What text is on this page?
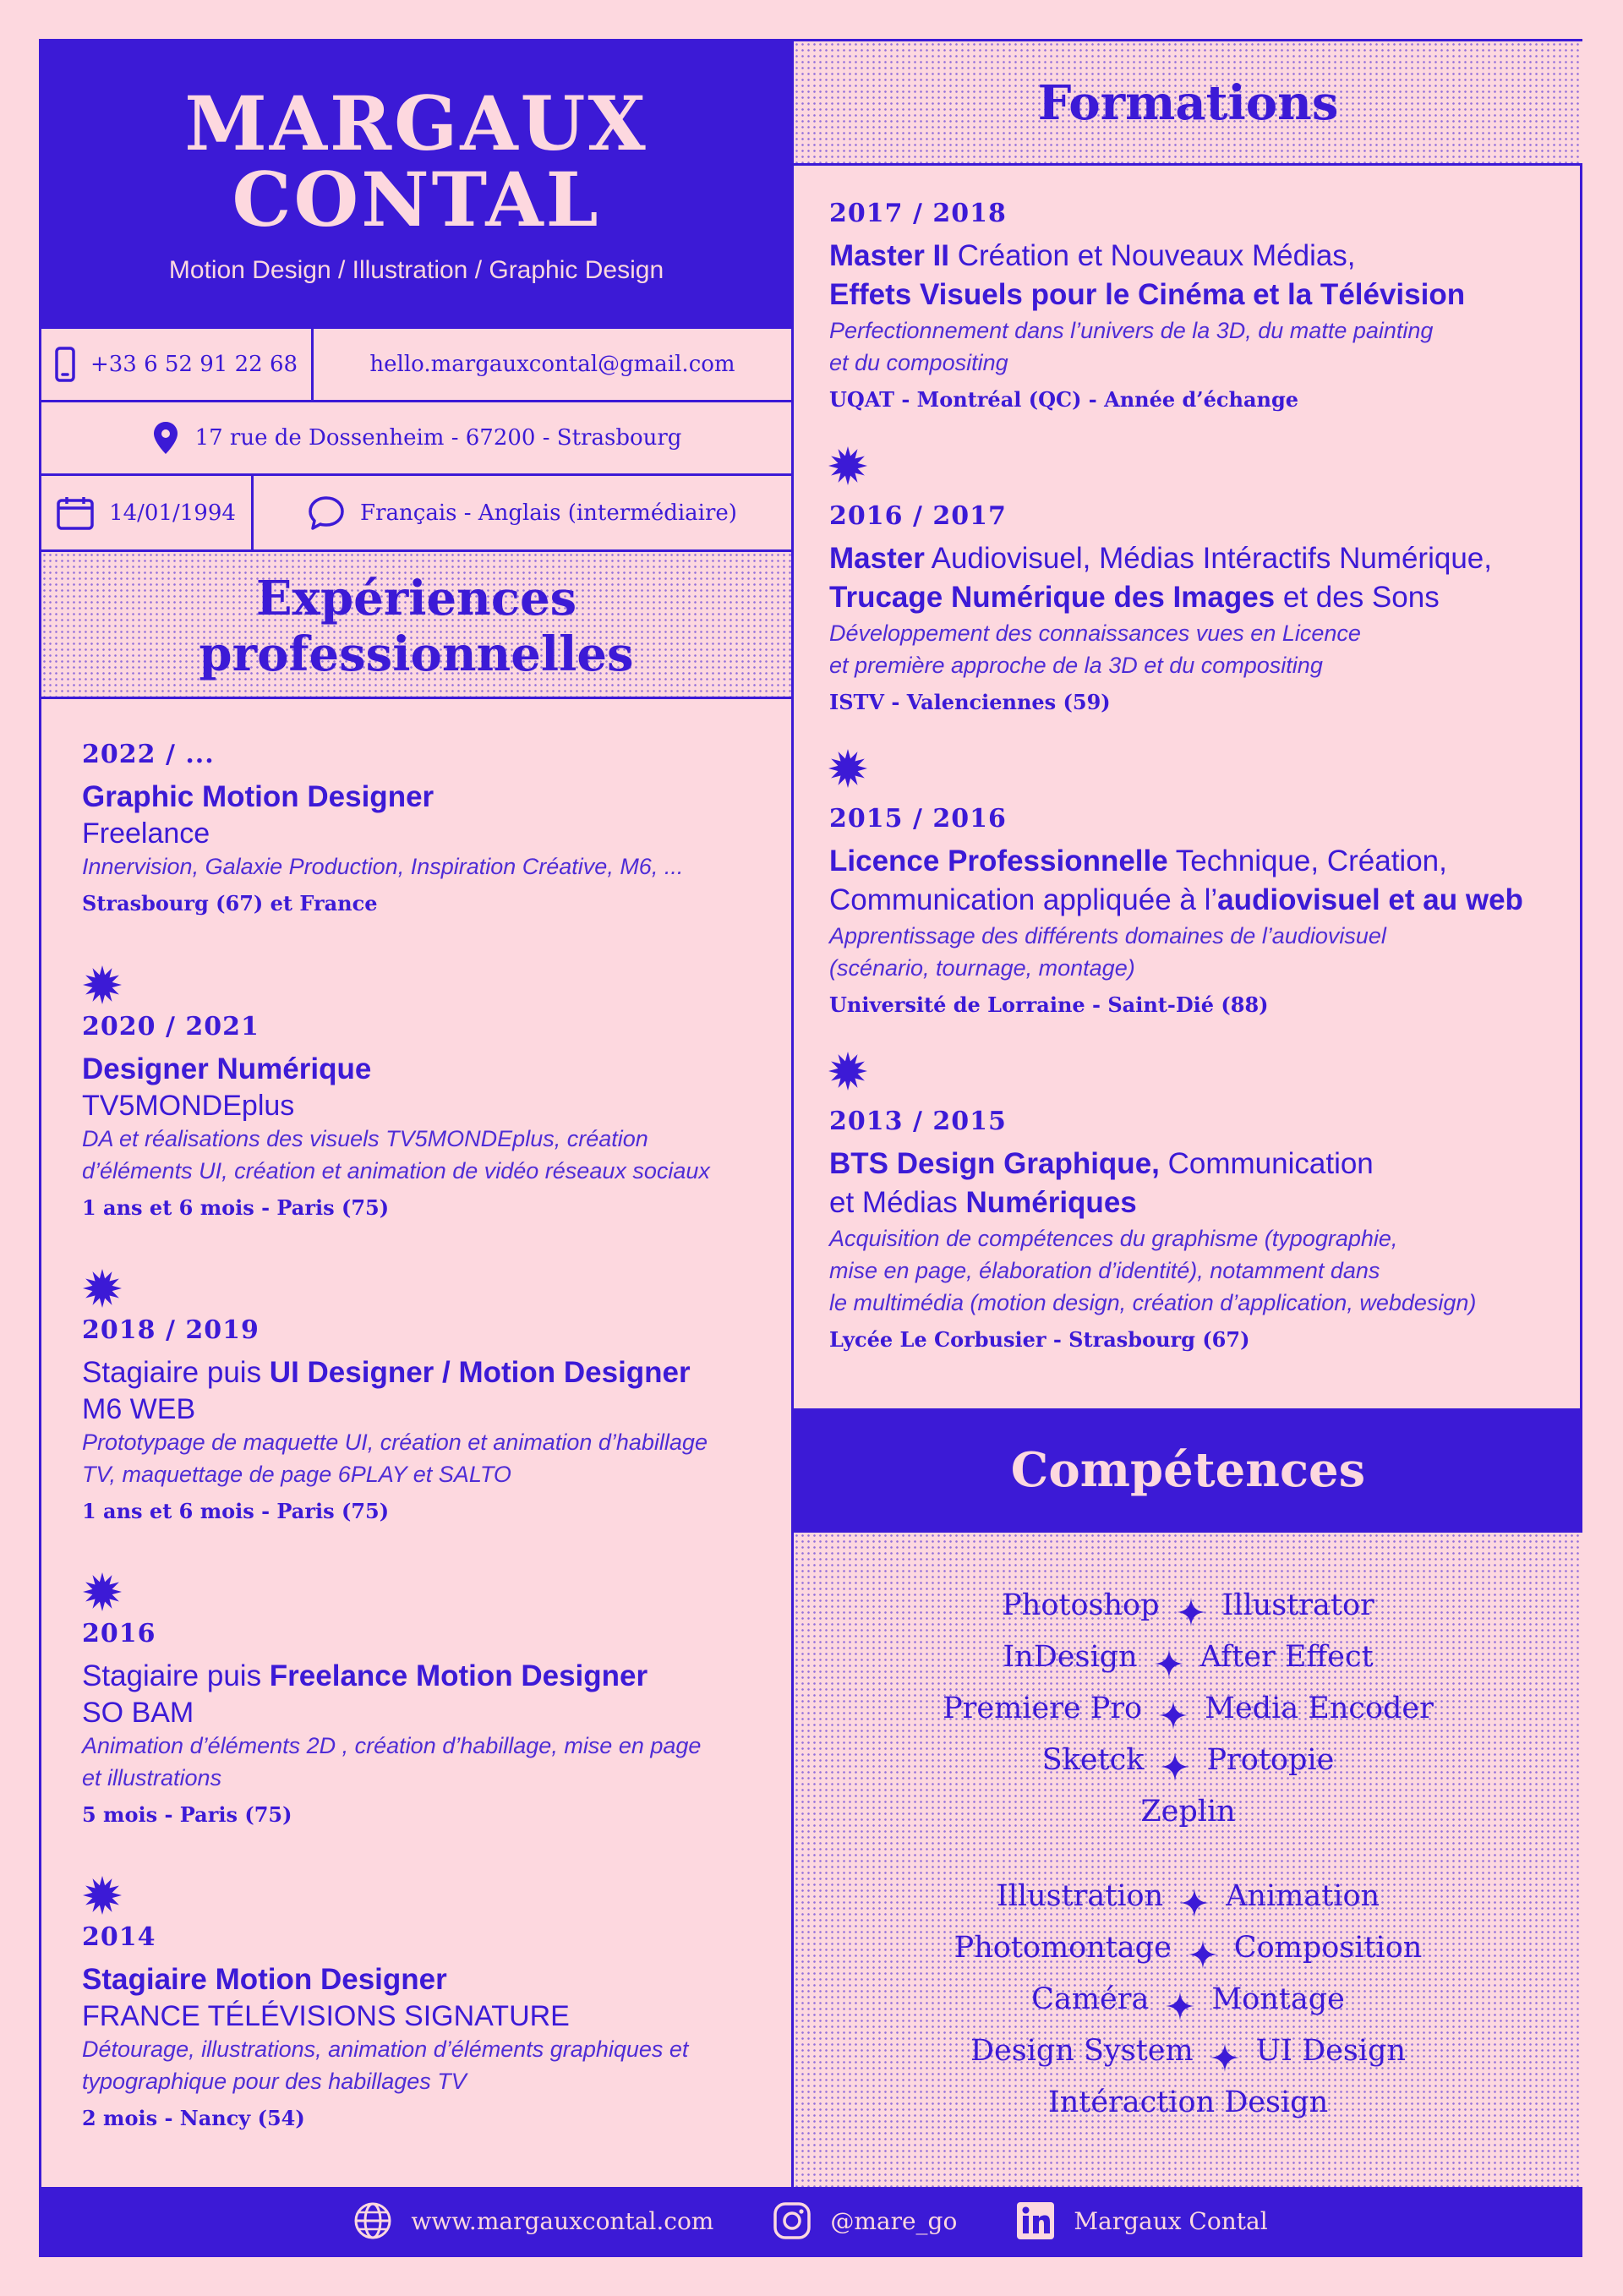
MARGAUX
CONTAL
Motion Design / Illustration / Graphic Design
+33 6 52 91 22 68	hello.margauxcontal@gmail.com
17 rue de Dossenheim - 67200 - Strasbourg
14/01/1994	Français - Anglais (intermédiaire)
Expériences
professionnelles
2022 / ...
Graphic Motion Designer
Freelance
Innervision, Galaxie Production, Inspiration Créative, M6, ...
Strasbourg (67) et France
2020 / 2021
Designer Numérique
TV5MONDEplus
DA et réalisations des visuels TV5MONDEplus, création
d’éléments UI, création et animation de vidéo réseaux sociaux
1 ans et 6 mois - Paris (75)
2018 / 2019
Stagiaire puis UI Designer / Motion Designer
M6 WEB
Prototypage de maquette UI, création et animation d’habillage
TV, maquettage de page 6PLAY et SALTO
1 ans et 6 mois - Paris (75)
2016
Stagiaire puis Freelance Motion Designer
SO BAM
Animation d’éléments 2D , création d’habillage, mise en page
et illustrations
5 mois - Paris (75)
2014
Stagiaire Motion Designer
FRANCE TÉLÉVISIONS SIGNATURE
Détourage, illustrations, animation d’éléments graphiques et
typographique pour des habillages TV
2 mois - Nancy (54)
Formations
2017 / 2018
Master II Création et Nouveaux Médias,
Effets Visuels pour le Cinéma et la Télévision
Perfectionnement dans l’univers de la 3D, du matte painting
et du compositing
UQAT - Montréal (QC) - Année d’échange
2016 / 2017
Master Audiovisuel, Médias Intéractifs Numérique,
Trucage Numérique des Images et des Sons
Développement des connaissances vues en Licence
et première approche de la 3D et du compositing
ISTV - Valenciennes (59)
2015 / 2016
Licence Professionnelle Technique, Création,
Communication appliquée à l’audiovisuel et au web
Apprentissage des différents domaines de l’audiovisuel
(scénario, tournage, montage)
Université de Lorraine - Saint-Dié (88)
2013 / 2015
BTS Design Graphique, Communication
et Médias Numériques
Acquisition de compétences du graphisme (typographie,
mise en page, élaboration d’identité), notamment dans
le multimédia (motion design, création d’application, webdesign)
Lycée Le Corbusier - Strasbourg (67)
Compétences
Photoshop Illustrator
InDesign After Effect
Premiere Pro Media Encoder
Sketck Protopie
Zeplin
Illustration Animation
Photomontage Composition
Caméra Montage
Design System UI Design
Intéraction Design
www.margauxcontal.com	@mare_go	Margaux Contal
